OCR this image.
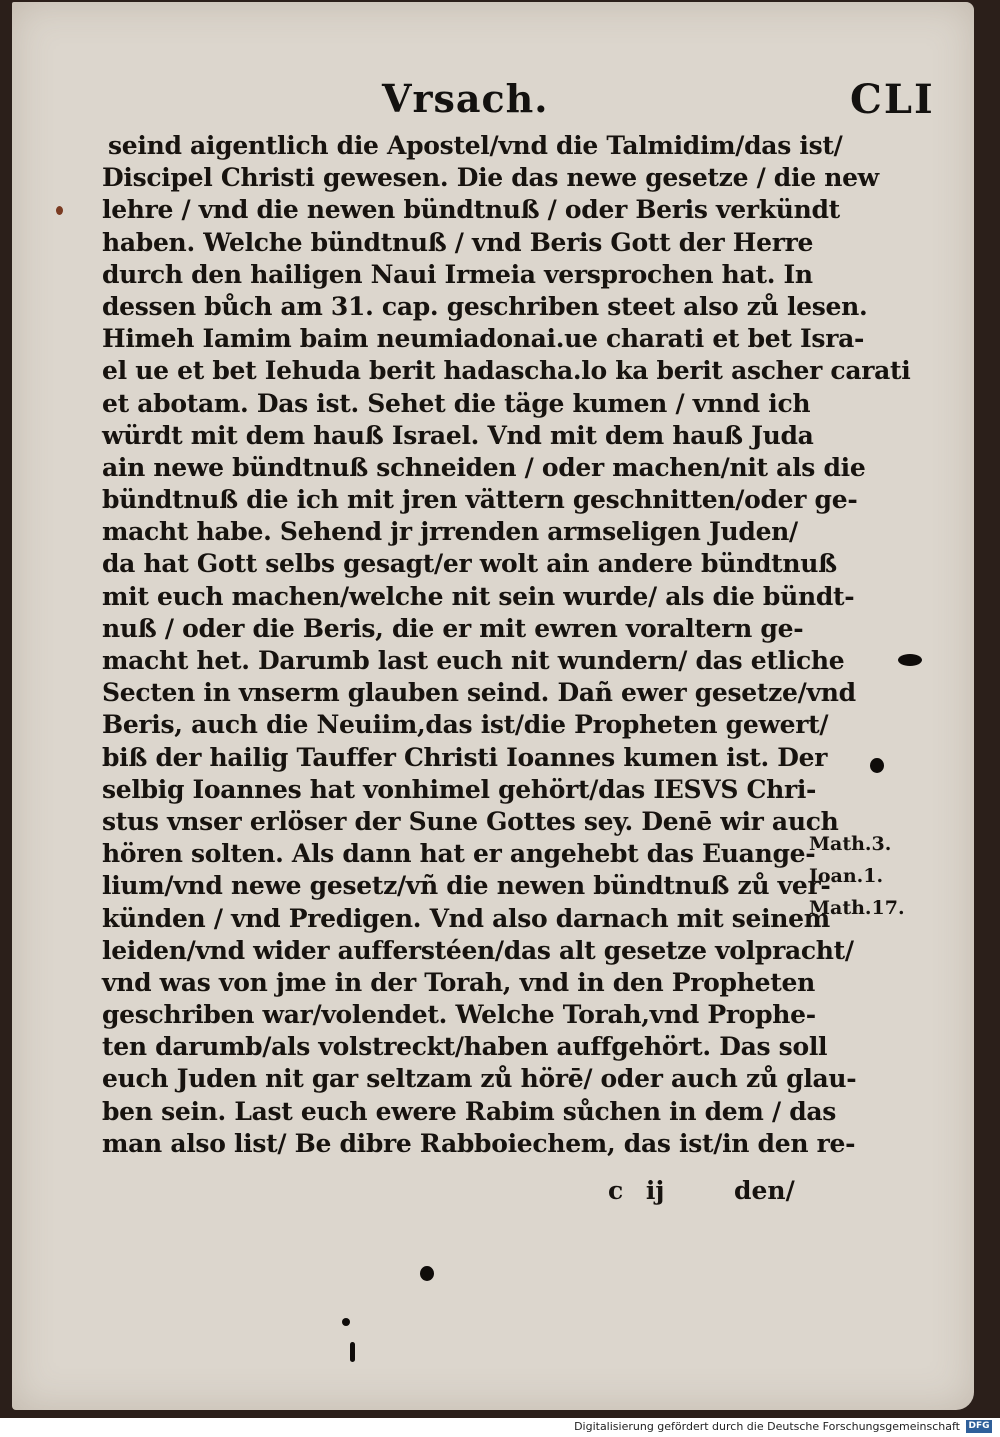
Vrsach.	CLI
seind aigentlich die Apostel/vnd die Talmidim/das ist/
Discipel Christi gewesen. Die das newe gesetze / die new
lehre / vnd die newen bündtnuß / oder Beris verkündt
haben. Welche bündtnuß / vnd Beris Gott der Herre
durch den hailigen Naui Irmeia versprochen hat. In
dessen bůch am 31. cap. geschriben steet also zů lesen.
Himeh Iamim baim neumiadonai.ue charati et bet Isra-
el ue et bet Iehuda berit hadascha.lo ka berit ascher carati
et abotam. Das ist. Sehet die täge kumen / vnnd ich
würdt mit dem hauß Israel. Vnd mit dem hauß Juda
ain newe bündtnuß schneiden / oder machen/nit als die
bündtnuß die ich mit jren vättern geschnitten/oder ge-
macht habe. Sehend jr jrrenden armseligen Juden/
da hat Gott selbs gesagt/er wolt ain andere bündtnuß
mit euch machen/welche nit sein wurde/ als die bündt-
nuß / oder die Beris, die er mit ewren voraltern ge-
macht het. Darumb last euch nit wundern/ das etliche
Secten in vnserm glauben seind. Dañ ewer gesetze/vnd
Beris, auch die Neuiim,das ist/die Propheten gewert/
biß der hailig Tauffer Christi Ioannes kumen ist. Der
selbig Ioannes hat vonhimel gehört/das IESVS Chri-
stus vnser erlöser der Sune Gottes sey. Denē wir auch
hören solten. Als dann hat er angehebt das Euange-
lium/vnd newe gesetz/vñ die newen bündtnuß zů ver-
künden / vnd Predigen. Vnd also darnach mit seinem
leiden/vnd wider aufferstéen/das alt gesetze volpracht/
vnd was von jme in der Torah, vnd in den Propheten
geschriben war/volendet. Welche Torah,vnd Prophe-
ten darumb/als volstreckt/haben auffgehört. Das soll
euch Juden nit gar seltzam zů hörē/ oder auch zů glau-
ben sein. Last euch ewere Rabim sůchen in dem / das
man also list/ Be dibre Rabboiechem, das ist/in den re-
Math.3.
Ioan.1.
Math.17.
c ij	den/
Digitalisierung gefördert durch die Deutsche Forschungsgemeinschaft DFG
